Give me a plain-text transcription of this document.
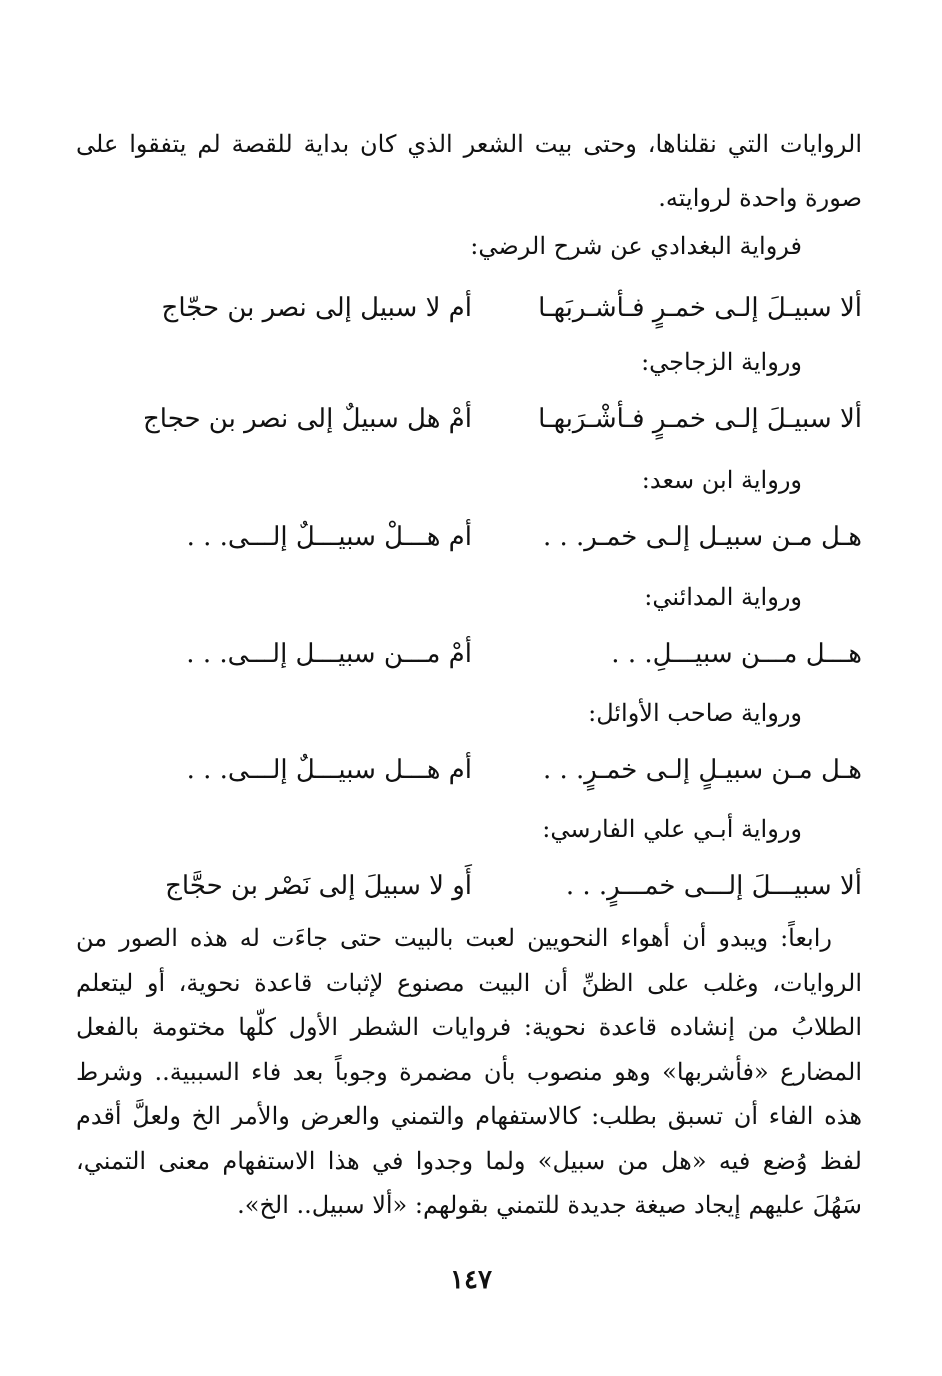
الروايات التي نقلناها، وحتى بيت الشعر الذي كان بداية للقصة لم يتفقوا على صورة واحدة لروايته.

فرواية البغدادي عن شرح الرضي:

ألا سبيـلَ إلـى خمـرٍ فـأشـربَهـا
أم لا سبيل إلى نصر بن حجّاج

ورواية الزجاجي:

ألا سبيـلَ إلـى خمـرٍ فـأشْـرَبهـا
أمْ هل سبيلٌ إلى نصر بن حجاج

ورواية ابن سعد:

هـل مـن سبيـل إلـى خمـر. . .
أم هـــلْ سبيـــلٌ إلـــى. . .

ورواية المدائني:

هـــل مـــن سبيـــلِ. . .
أمْ مـــن سبيـــل إلـــى. . .

ورواية صاحب الأوائل:

هـل مـن سبيـلٍ إلـى خمـرٍ. . .
أم هـــل سبيـــلٌ إلـــى. . .

ورواية أبـي علي الفارسي:

ألا سبيـــلَ إلـــى خمـــرٍ. . .
أَو لا سبيلَ إلى نَصْر بن حجَّاج

رابعاً: ويبدو أن أهواء النحويين لعبت بالبيت حتى جاءَت له هذه الصور من الروايات، وغلب على الظنِّ أن البيت مصنوع لإثبات قاعدة نحوية، أو ليتعلم الطلابُ من إنشاده قاعدة نحوية: فروايات الشطر الأول كلّها مختومة بالفعل المضارع «فأشربها» وهو منصوب بأن مضمرة وجوباً بعد فاء السببية.. وشرط هذه الفاء أن تسبق بطلب: كالاستفهام والتمني والعرض والأمر الخ ولعلَّ أقدم لفظ وُضع فيه «هل من سبيل» ولما وجدوا في هذا الاستفهام معنى التمني، سَهُلَ عليهم إيجاد صيغة جديدة للتمني بقولهم: «ألا سبيل.. الخ».

١٤٧
